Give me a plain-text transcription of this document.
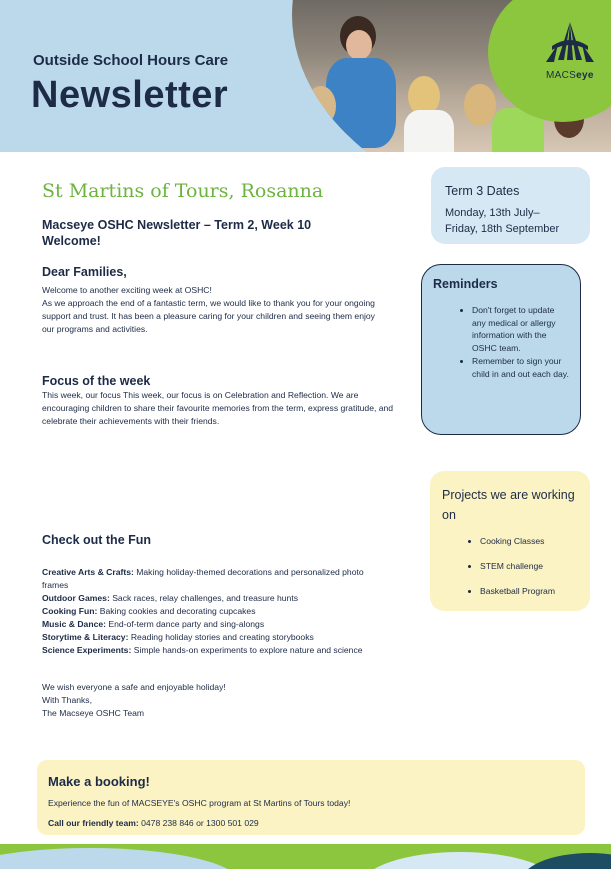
MACSeye
Outside School Hours Care
Newsletter
St Martins of Tours, Rosanna
Macseye OSHC Newsletter – Term 2, Week 10
Welcome!
Dear Families,
Welcome to another exciting week at OSHC!
As we approach the end of a fantastic term, we would like to thank you for your ongoing support and trust. It has been a pleasure caring for your children and seeing them enjoy our programs and activities.
Focus of the week
This week, our focus This week, our focus is on Celebration and Reflection. We are encouraging children to share their favourite memories from the term, express gratitude, and celebrate their achievements with their friends.
Check out the Fun
Creative Arts & Crafts: Making holiday-themed decorations and personalized photo frames
Outdoor Games: Sack races, relay challenges, and treasure hunts
Cooking Fun: Baking cookies and decorating cupcakes
Music & Dance: End-of-term dance party and sing-alongs
Storytime & Literacy: Reading holiday stories and creating storybooks
Science Experiments: Simple hands-on experiments to explore nature and science
We wish everyone a safe and enjoyable holiday!
With Thanks,
The Macseye OSHC Team
Term 3 Dates
Monday, 13th July–
Friday, 18th September
Reminders
• Don't forget to update any medical or allergy information with the OSHC team.
• Remember to sign your child in and out each day.
Projects we are working on
• Cooking Classes
• STEM challenge
• Basketball Program
Make a booking!
Experience the fun of MACSEYE's OSHC program at St Martins of Tours today!
Call our friendly team: 0478 238 846 or 1300 501 029
